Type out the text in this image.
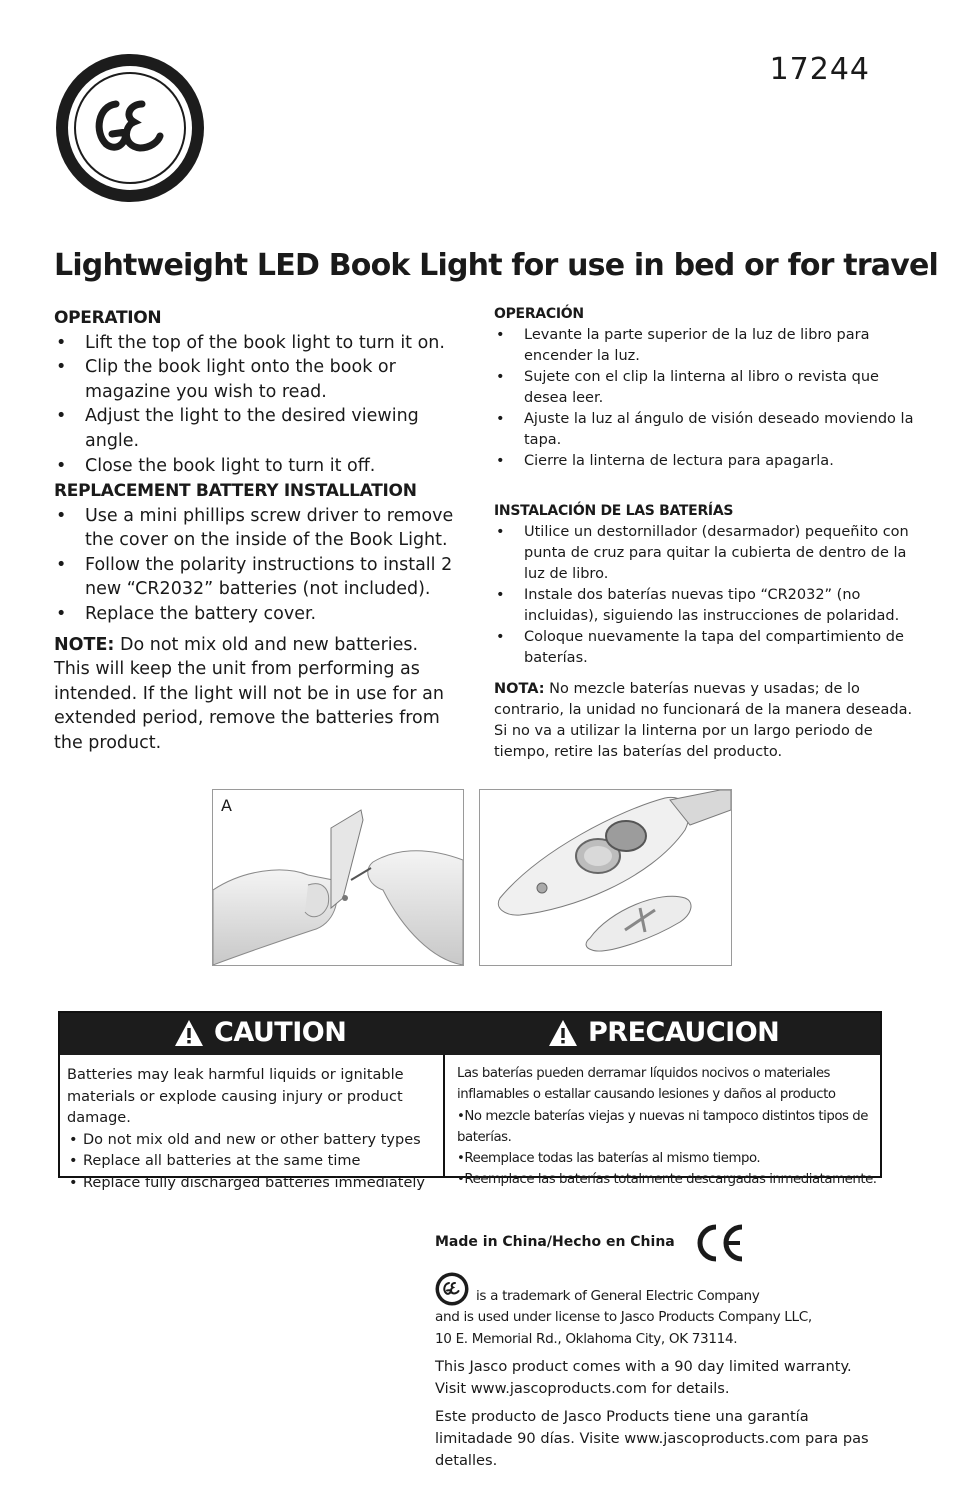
17244
Lightweight LED Book Light for use in bed or for travel

OPERATION

• Lift the top of the book light to turn it on.
• Clip the book light onto the book or magazine you wish to read.
• Adjust the light to the desired viewing angle.
• Close the book light to turn it off.

REPLACEMENT BATTERY INSTALLATION

• Use a mini phillips screw driver to remove the cover on the inside of the Book Light.
• Follow the polarity instructions to install 2 new “CR2032” batteries (not included).
• Replace the battery cover.
NOTE: Do not mix old and new batteries. This will keep the unit from performing as intended. If the light will not be in use for an extended period, remove the batteries from the product.

OPERACIÓN

• Levante la parte superior de la luz de libro para encender la luz.
• Sujete con el clip la linterna al libro o revista que desea leer.
• Ajuste la luz al ángulo de visión deseado moviendo la tapa.
• Cierre la linterna de lectura para apagarla.

INSTALACIÓN DE LAS BATERÍAS

• Utilice un destornillador (desarmador) pequeñito con punta de cruz para quitar la cubierta de dentro de la luz de libro.
• Instale dos baterías nuevas tipo “CR2032” (no incluidas), siguiendo las instrucciones de polaridad.
• Coloque nuevamente la tapa del compartimiento de baterías.
NOTA: No mezcle baterías nuevas y usadas; de lo contrario, la unidad no funcionará de la manera deseada. Si no va a utilizar la linterna por un largo periodo de tiempo, retire las baterías del producto.
A
CAUTION	PRECAUCION
Batteries may leak harmful liquids or ignitable materials or explode causing injury or product damage.
• Do not mix old and new or other battery types
• Replace all batteries at the same time
• Replace fully discharged batteries immediately
Las baterías pueden derramar líquidos nocivos o materiales inflamables o estallar causando lesiones y daños al producto
•No mezcle baterías viejas y nuevas ni tampoco distintos tipos de baterías.
•Reemplace todas las baterías al mismo tiempo.
•Reemplace las baterías totalmente descargadas inmediatamente.
Made in China/Hecho en China
is a trademark of General Electric Company
and is used under license to Jasco Products Company LLC,
10 E. Memorial Rd., Oklahoma City, OK 73114.
This Jasco product comes with a 90 day limited warranty. Visit www.jascoproducts.com for details.
Este producto de Jasco Products tiene una garantía limitadade 90 días. Visite www.jascoproducts.com para pas detalles.
